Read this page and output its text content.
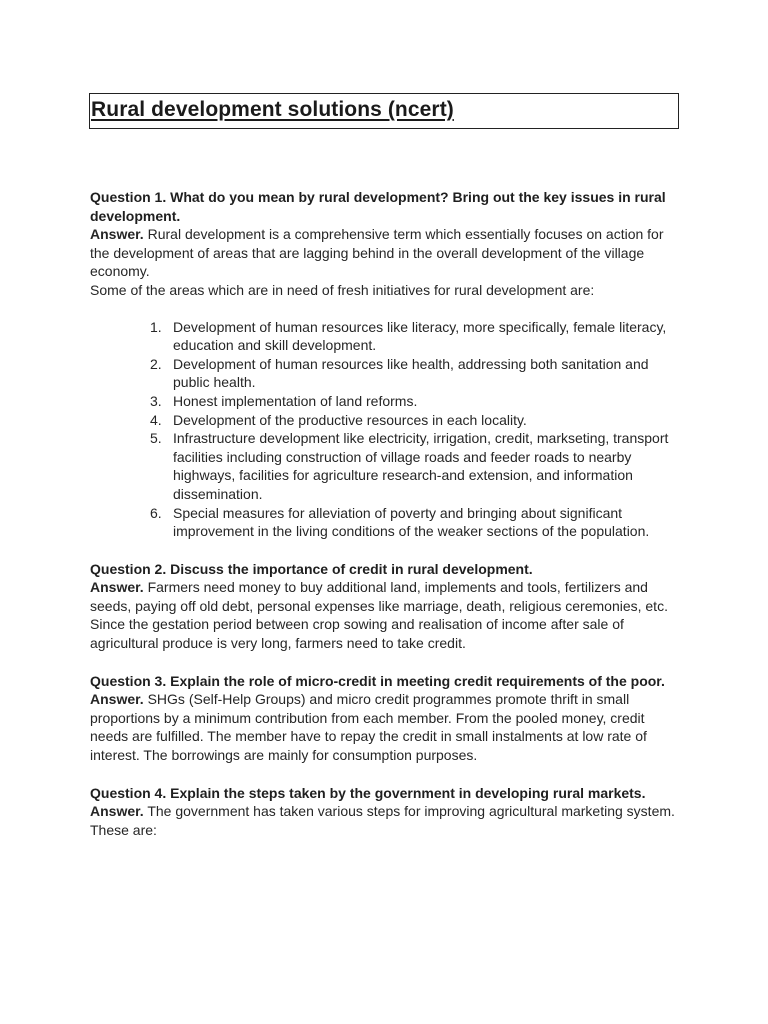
Rural development solutions (ncert)

Question 1. What do you mean by rural development? Bring out the key issues in rural development.
Answer. Rural development is a comprehensive term which essentially focuses on action for the development of areas that are lagging behind in the overall development of the village economy.
Some of the areas which are in need of fresh initiatives for rural development are:

1. Development of human resources like literacy, more specifically, female literacy, education and skill development.
2. Development of human resources like health, addressing both sanitation and public health.
3. Honest implementation of land reforms.
4. Development of the productive resources in each locality.
5. Infrastructure development like electricity, irrigation, credit, markseting, transport facilities including construction of village roads and feeder roads to nearby highways, facilities for agriculture research-and extension, and information dissemination.
6. Special measures for alleviation of poverty and bringing about significant improvement in the living conditions of the weaker sections of the population.

Question 2. Discuss the importance of credit in rural development.
Answer. Farmers need money to buy additional land, implements and tools, fertilizers and seeds, paying off old debt, personal expenses like marriage, death, religious ceremonies, etc. Since the gestation period between crop sowing and realisation of income after sale of agricultural produce is very long, farmers need to take credit.

Question 3. Explain the role of micro-credit in meeting credit requirements of the poor.
Answer. SHGs (Self-Help Groups) and micro credit programmes promote thrift in small proportions by a minimum contribution from each member. From the pooled money, credit needs are fulfilled. The member have to repay the credit in small instalments at low rate of interest. The borrowings are mainly for consumption purposes.

Question 4. Explain the steps taken by the government in developing rural markets.
Answer. The government has taken various steps for improving agricultural marketing system. These are:
